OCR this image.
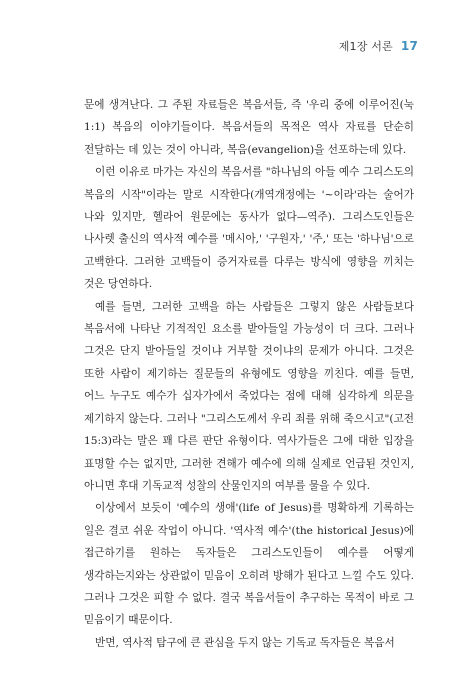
제1장 서론 17

문에 생겨난다. 그 주된 자료들은 복음서들, 즉 '우리 중에 이루어진(눅 1:1) 복음의 이야기들이다. 복음서들의 목적은 역사 자료를 단순히 전달하는 데 있는 것이 아니라, 복음(evangelion)을 선포하는데 있다.

이런 이유로 마가는 자신의 복음서를 "하나님의 아들 예수 그리스도의 복음의 시작"이라는 말로 시작한다(개역개정에는 '∼이라'라는 술어가 나와 있지만, 헬라어 원문에는 동사가 없다—역주). 그리스도인들은 나사렛 출신의 역사적 예수를 '메시아,' '구원자,' '주,' 또는 '하나님'으로 고백한다. 그러한 고백들이 증거자료를 다루는 방식에 영향을 끼치는 것은 당연하다.

예를 들면, 그러한 고백을 하는 사람들은 그렇지 않은 사람들보다 복음서에 나타난 기적적인 요소를 받아들일 가능성이 더 크다. 그러나 그것은 단지 받아들일 것이냐 거부할 것이냐의 문제가 아니다. 그것은 또한 사람이 제기하는 질문들의 유형에도 영향을 끼친다. 예를 들면, 어느 누구도 예수가 십자가에서 죽었다는 점에 대해 심각하게 의문을 제기하지 않는다. 그러나 "그리스도께서 우리 죄를 위해 죽으시고"(고전 15:3)라는 말은 꽤 다른 판단 유형이다. 역사가들은 그에 대한 입장을 표명할 수는 없지만, 그러한 견해가 예수에 의해 실제로 언급된 것인지, 아니면 후대 기독교적 성찰의 산물인지의 여부를 물을 수 있다.

이상에서 보듯이 '예수의 생애'(life of Jesus)를 명확하게 기록하는 일은 결코 쉬운 작업이 아니다. '역사적 예수'(the historical Jesus)에 접근하기를 원하는 독자들은 그리스도인들이 예수를 어떻게 생각하는지와는 상관없이 믿음이 오히려 방해가 된다고 느낄 수도 있다. 그러나 그것은 피할 수 없다. 결국 복음서들이 추구하는 목적이 바로 그 믿음이기 때문이다.

반면, 역사적 탐구에 큰 관심을 두지 않는 기독교 독자들은 복음서
